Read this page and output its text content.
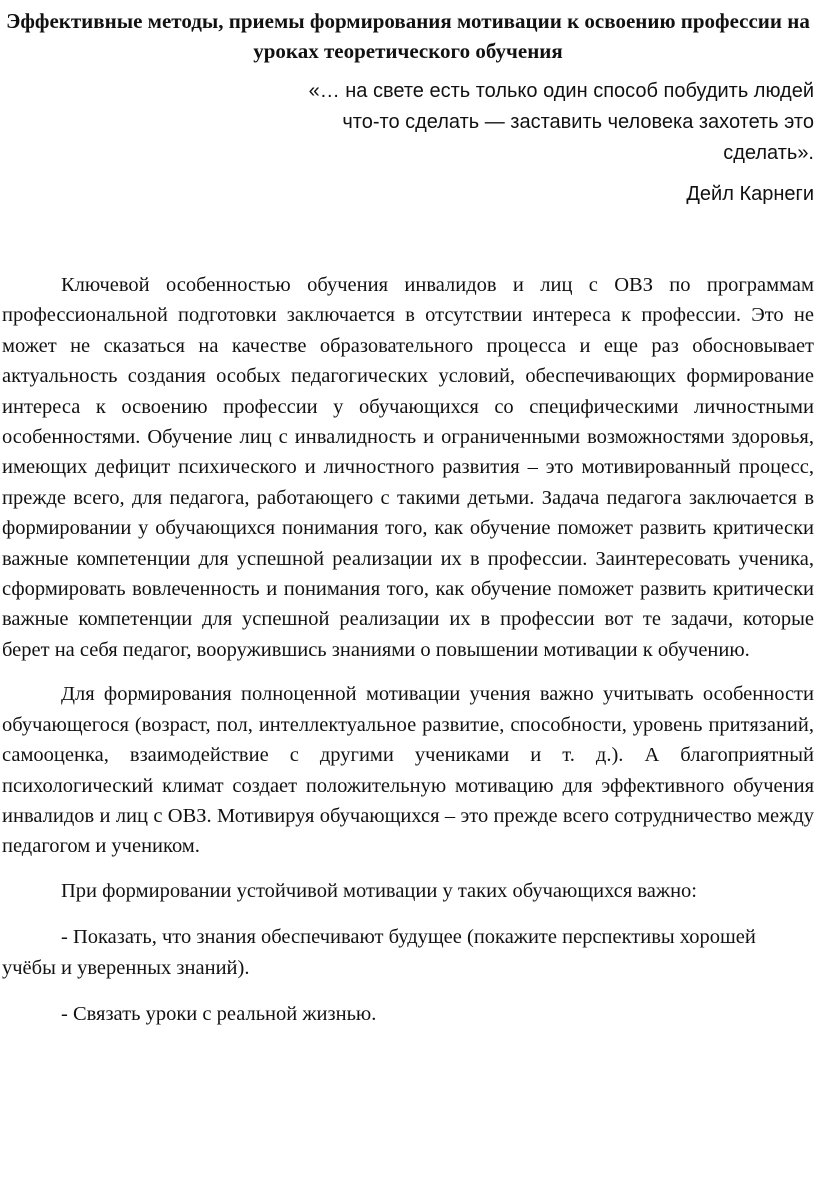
Эффективные методы, приемы формирования мотивации к освоению профессии на уроках теоретического обучения
«… на свете есть только один способ побудить людей что-то сделать — заставить человека захотеть это сделать».
Дейл Карнеги

Ключевой особенностью обучения инвалидов и лиц с ОВЗ по программам профессиональной подготовки заключается в отсутствии интереса к профессии. Это не может не сказаться на качестве образовательного процесса и еще раз обосновывает актуальность создания особых педагогических условий, обеспечивающих формирование интереса к освоению профессии у обучающихся со специфическими личностными особенностями. Обучение лиц с инвалидность и ограниченными возможностями здоровья, имеющих дефицит психического и личностного развития – это мотивированный процесс, прежде всего, для педагога, работающего с такими детьми. Задача педагога заключается в формировании у обучающихся понимания того, как обучение поможет развить критически важные компетенции для успешной реализации их в профессии. Заинтересовать ученика, сформировать вовлеченность и понимания того, как обучение поможет развить критически важные компетенции для успешной реализации их в профессии вот те задачи, которые берет на себя педагог, вооружившись знаниями о повышении мотивации к обучению.

Для формирования полноценной мотивации учения важно учитывать особенности обучающегося (возраст, пол, интеллектуальное развитие, способности, уровень притязаний, самооценка, взаимодействие с другими учениками и т. д.). А благоприятный психологический климат создает положительную мотивацию для эффективного обучения инвалидов и лиц с ОВЗ. Мотивируя обучающихся – это прежде всего сотрудничество между педагогом и учеником.

При формировании устойчивой мотивации у таких обучающихся важно:

- Показать, что знания обеспечивают будущее (покажите перспективы хорошей учёбы и уверенных знаний).

- Связать уроки с реальной жизнью.
